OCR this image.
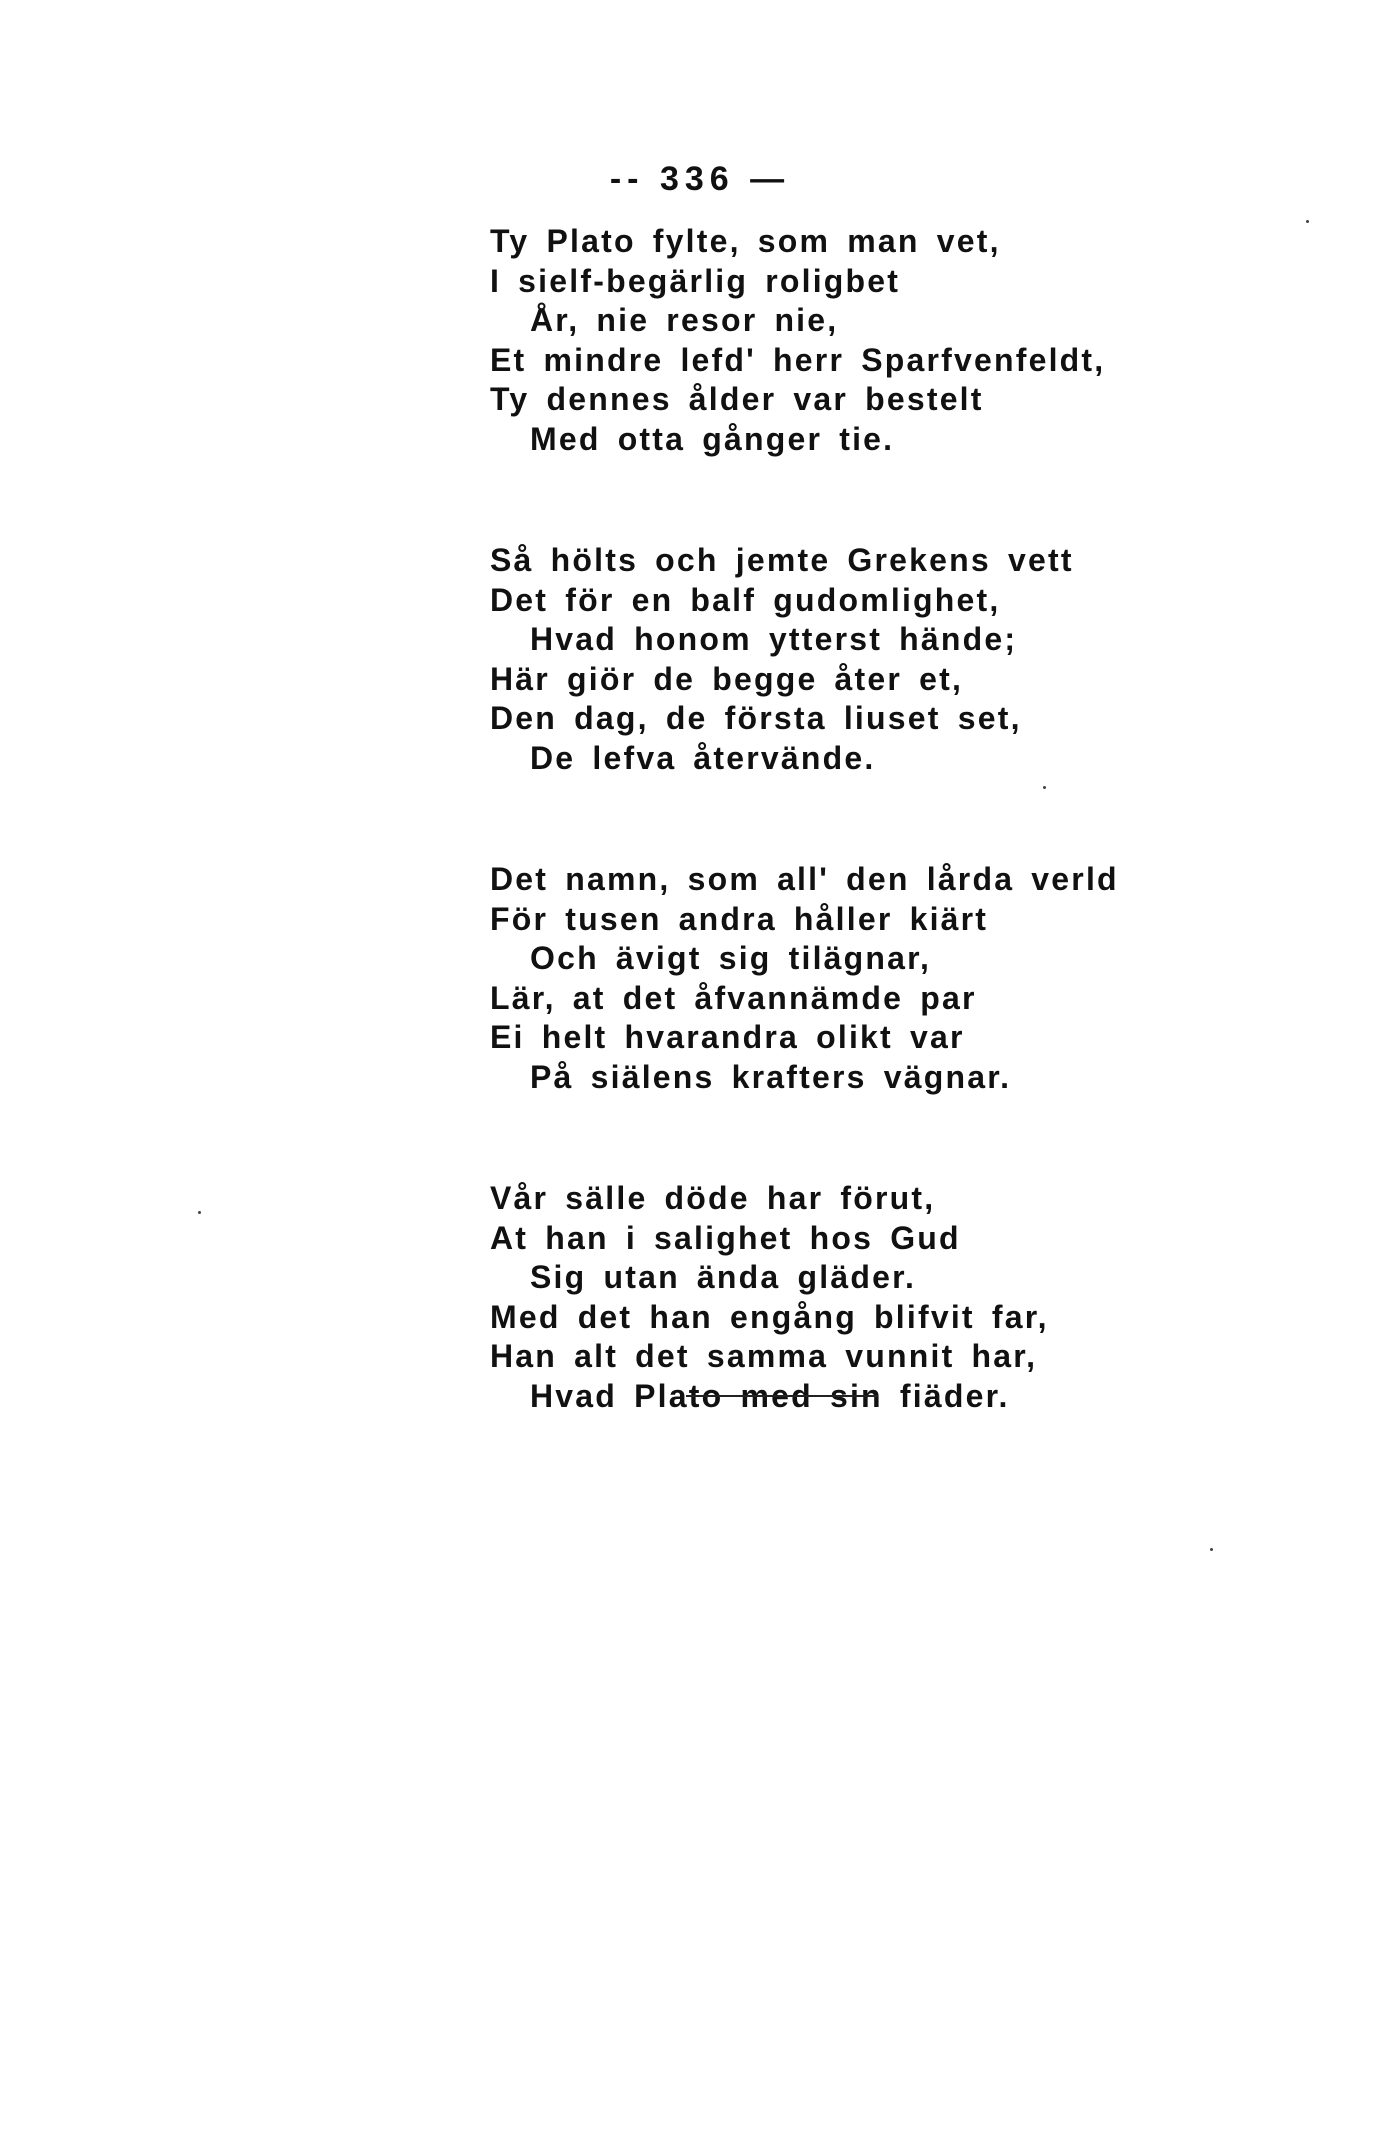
-- 336 —
Ty Plato fylte, som man vet,
I sielf-begärlig roligbet
År, nie resor nie,
Et mindre lefd' herr Sparfvenfeldt,
Ty dennes ålder var bestelt
Med otta gånger tie.
Så hölts och jemte Grekens vett
Det för en balf gudomlighet,
Hvad honom ytterst hände;
Här giör de begge åter et,
Den dag, de första liuset set,
De lefva återvände.
Det namn, som all' den lårda verld
För tusen andra håller kiärt
Och ävigt sig tilägnar,
Lär, at det åfvannämde par
Ei helt hvarandra olikt var
På siälens krafters vägnar.
Vår sälle döde har förut,
At han i salighet hos Gud
Sig utan ända gläder.
Med det han engång blifvit far,
Han alt det samma vunnit har,
Hvad Plato med sin fiäder.
